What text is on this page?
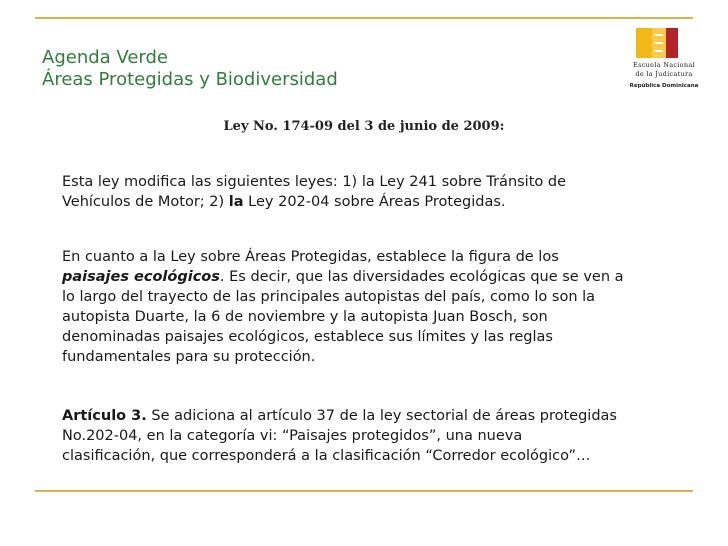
Agenda Verde
Áreas Protegidas y Biodiversidad
Escuela Nacional
de la Judicatura
República Dominicana
Ley No. 174-09 del 3 de junio de 2009:
Esta ley modifica las siguientes leyes: 1) la Ley 241 sobre Tránsito de
Vehículos de Motor; 2) la Ley 202-04 sobre Áreas Protegidas.
En cuanto a la Ley sobre Áreas Protegidas, establece la figura de los
paisajes ecológicos. Es decir, que las diversidades ecológicas que se ven a
lo largo del trayecto de las principales autopistas del país, como lo son la
autopista Duarte, la 6 de noviembre y la autopista Juan Bosch, son
denominadas paisajes ecológicos, establece sus límites y las reglas
fundamentales para su protección.
Artículo 3. Se adiciona al artículo 37 de la ley sectorial de áreas protegidas
No.202-04, en la categoría vi: “Paisajes protegidos”, una nueva
clasificación, que corresponderá a la clasificación “Corredor ecológico”…
